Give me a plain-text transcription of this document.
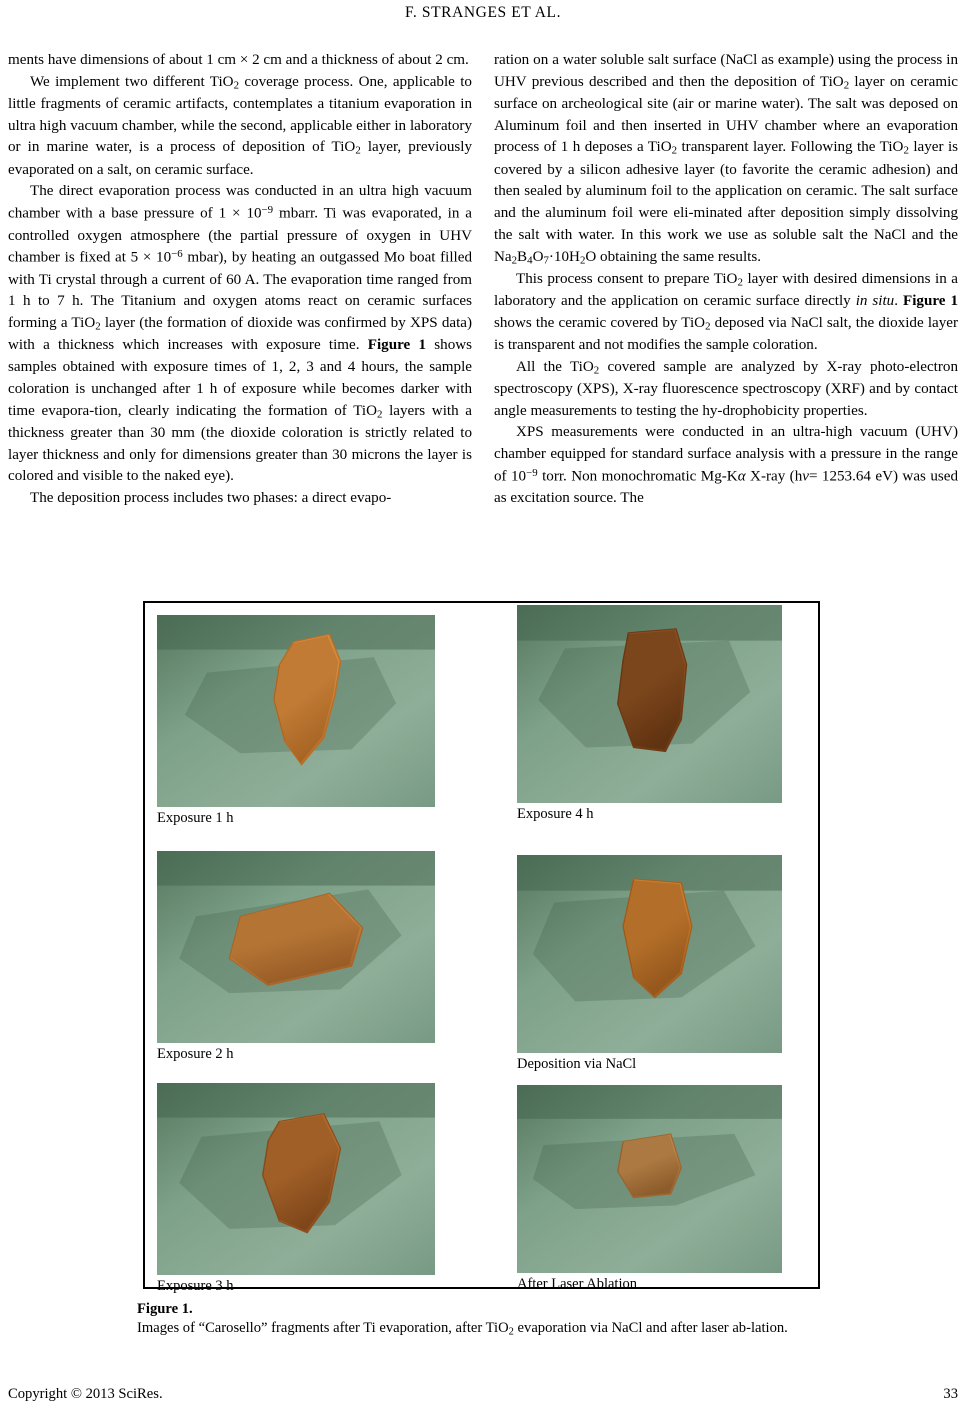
F. STRANGES ET AL.

ments have dimensions of about 1 cm × 2 cm and a thickness of about 2 cm.

We implement two different TiO$_2$ coverage process. One, applicable to little fragments of ceramic artifacts, contemplates a titanium evaporation in ultra high vacuum chamber, while the second, applicable either in laboratory or in marine water, is a process of deposition of TiO$_2$ layer, previously evaporated on a salt, on ceramic surface.

The direct evaporation process was conducted in an ultra high vacuum chamber with a base pressure of $1 \times 10^{-9}$ mbarr. Ti was evaporated, in a controlled oxygen atmosphere (the partial pressure of oxygen in UHV chamber is fixed at $5 \times 10^{-6}$ mbar), by heating an outgassed Mo boat filled with Ti crystal through a current of 60 A. The evaporation time ranged from 1 h to 7 h. The Titanium and oxygen atoms react on ceramic surfaces forming a TiO$_2$ layer (the formation of dioxide was confirmed by XPS data) with a thickness which increases with exposure time. Figure 1 shows samples obtained with exposure times of 1, 2, 3 and 4 hours, the sample coloration is unchanged after 1 h of exposure while becomes darker with time evapora-tion, clearly indicating the formation of TiO$_2$ layers with a thickness greater than 30 mm (the dioxide coloration is strictly related to layer thickness and only for dimensions greater than 30 microns the layer is colored and visible to the naked eye).

The deposition process includes two phases: a direct evapo-

ration on a water soluble salt surface (NaCl as example) using the process in UHV previous described and then the deposition of TiO$_2$ layer on ceramic surface on archeological site (air or marine water). The salt was deposed on Aluminum foil and then inserted in UHV chamber where an evaporation process of 1 h deposes a TiO$_2$ transparent layer. Following the TiO$_2$ layer is covered by a silicon adhesive layer (to favorite the ceramic adhesion) and then sealed by aluminum foil to the application on ceramic. The salt surface and the aluminum foil were eli-minated after deposition simply dissolving the salt with water. In this work we use as soluble salt the NaCl and the $Na_2B_4O_7\cdot 10H_2O$ obtaining the same results.

This process consent to prepare TiO$_2$ layer with desired dimensions in a laboratory and the application on ceramic surface directly in situ. Figure 1 shows the ceramic covered by TiO$_2$ deposed via NaCl salt, the dioxide layer is transparent and not modifies the sample coloration.

All the TiO$_2$ covered sample are analyzed by X-ray photo-electron spectroscopy (XPS), X-ray fluorescence spectroscopy (XRF) and by contact angle measurements to testing the hy-drophobicity properties.

XPS measurements were conducted in an ultra-high vacuum (UHV) chamber equipped for standard surface analysis with a pressure in the range of $10^{-9}$ torr. Non monochromatic Mg-Kα X-ray (hν= 1253.64 eV) was used as excitation source. The

Exposure 1 h
Exposure 2 h
Exposure 3 h
Exposure 4 h
Deposition via NaCl
After Laser Ablation
Figure 1.
Images of “Carosello” fragments after Ti evaporation, after TiO$_2$ evaporation via NaCl and after laser ab-lation.
Copyright © 2013 SciRes.	33
